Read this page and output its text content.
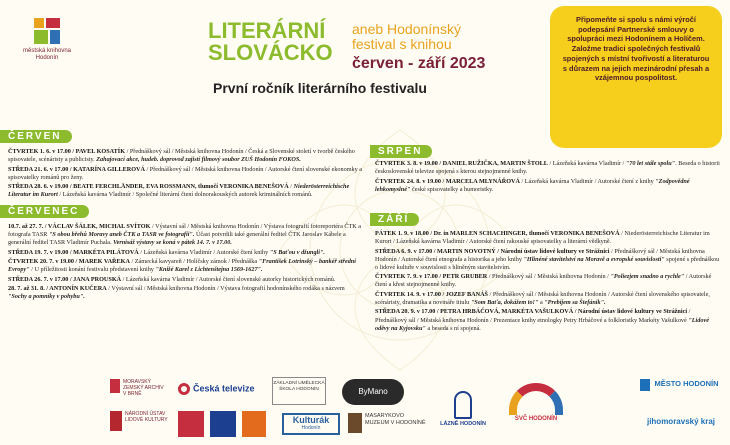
městská knihovna Hodonín
LITERÁRNÍ
SLOVÁCKO
aneb Hodonínský
festival s knihou
červen - září 2023
První ročník literárního festivalu
Připomeňte si spolu s námi výročí podepsání Partnerské smlouvy o spolupráci mezi Hodonínem a Holíčem. Založme tradici společných festivalů spojených s místní tvořivostí a literaturou s důrazem na jejich mezinárodní přesah a vzájemnou pospolitost.
ČERVEN

ČTVRTEK 1. 6. v 17.00 / PAVEL KOSATÍK / Přednáškový sál / Městská knihovna Hodonín / Česká a Slovenské století v tvorbě českého spisovatele, scénáristy a publicisty. Zahajovací akce, hudeb. doprovod zajistí filmový soubor ZUŠ Hodonín FOKOS.

STŘEDA 21. 6. v 17.00 / KATARÍNA GILLEROVÁ / Přednáškový sál / Městská knihovna Hodonín / Autorské čtení slovenské ekonomky a spisovatelky románů pro ženy.

STŘEDA 28. 6. v 19.00 / BEATE FERCHLÄNDER, EVA ROSSMANN, tlumočí VERONIKA BENEŠOVÁ / Niederösterreichische Literatur im Kurort / Lázeňská kavárna Vladimír / Společné literární čtení dolnorakouských autorek kriminálních románů.

ČERVENEC

10.7. až 27. 7. / VÁCLAV ŠÁLEK, MICHAL SVÍTOK / Výstavní sál / Městská knihovna Hodonín / Výstava fotografií fotoreportéra ČTK a fotografa TASR "S obou břehů Moravy aneb ČTK a TASR ve fotografii". Účast potvrdili také generální ředitel ČTK Jaroslav Kábele a generální ředitel TASR Vladimír Puchala. Vernisáž výstavy se koná v pátek 14. 7. v 17.00.

STŘEDA 19. 7. v 19.00 / MARKÉTA PILÁTOVÁ / Lázeňská kavárna Vladimír / Autorské čtení knihy "S Baťou v džungli".

ČTVRTEK 20. 7. v 19.00 / MAREK VAŘEKA / Zámecká kavyareň / Holíčsky zámok / Přednáška "František Lotrinský – bankéř střední Evropy" / U příležitosti konání festivalu představení knihy "Knižé Karel z Lichtenštejna 1569-1627".

STŘEDA 26. 7. v 17.00 / JANA PROUSKÁ / Lázeňská kavárna Vladimír / Autorské čtení slovenské autorky historických románů.

28. 7. až 31. 8. / ANTONÍN KUČERA / Výstavní sál / Městská knihovna Hodonín / Výstava fotografií hodonínského rodáka s názvem "Sochy a pomníky v pohybu".

SRPEN

ČTVRTEK 3. 8. v 19.00 / DANIEL RUŽIČKA, MARTIN ŠTOLL / Lázeňská kavárna Vladimír / "70 let stále spolu". Beseda o historii československé televize spojená s kterou stejnojmenné knihy.

ČTVRTEK 24. 8. v 19.00 / MARCELA MLYNÁŘOVÁ / Lázeňská kavárna Vladimír / Autorské čtení z knihy "Zodpovědné lehkomyslné" české spisovatelky a humoristky.

ZÁŘÍ

PÁTEK 1. 9. v 18.00 / Dr. in MARLEN SCHACHINGER, tlumočí VERONIKA BENEŠOVÁ / Niederösterreichische Literatur im Kurort / Lázeňská kavárna Vladimír / Autorské čtení rakouské spisovatelky a literární vědkyně.

STŘEDA 6. 9. v 17.00 / MARTIN NOVOTNÝ / Národní ústav lidové kultury ve Strážnici / Přednáškový sál / Městská knihovna Hodonín / Autorské čtení etnografa a historika a jeho knihy "Hlinéné stavitelství na Moravě a evropské souvislosti" spojené s přednáškou o lidové kultuře v souvislosti s hliněným stavitelstvím.

ČTVRTEK 7. 9. v 17.00 / PETR GRUBER / Přednáškový sál / Městská knihovna Hodonín / "Poliezjem snadno a rychle" / Autorské čtení a křest stejnojmenné knihy.

ČTVRTEK 14. 9. v 17.00 / JOZEF BANÁŠ / Přednáškový sál / Městská knihovna Hodonín / Autorské čtení slovenského spisovatele, scénáristy, dramatika a novináře titulu "Som Baťa, dokážem to!" a "Prebijem sa Štefánik".

STŘEDA 20. 9. v 17.00 / PETRA HRBÁČOVÁ, MARKÉTA VAŠULKOVÁ / Národní ústav lidové kultury ve Strážnici / Přednáškový sál / Městská knihovna Hodonín / Prezentace knihy etnologky Petry Hrbáčové a folkloristky Markéty Vašulkové "Lidové oděvy na Kyjovsku" a beseda s ní spojená.

MORAVSKÝ ZEMSKÝ ARCHIV V BRNĚ
Česká televize	ZÁKLADNÍ UMĚLECKÁ ŠKOLA HODONÍN	ByMano
MĚSTO HODONÍN
NÁRODNÍ ÚSTAV LIDOVÉ KULTURY	Kulturák
Hodonín
MASARYKOVO MUZEUM V HODONÍNĚ	LÁZNĚ HODONÍN
SVČ HODONÍN	jihomoravský kraj
